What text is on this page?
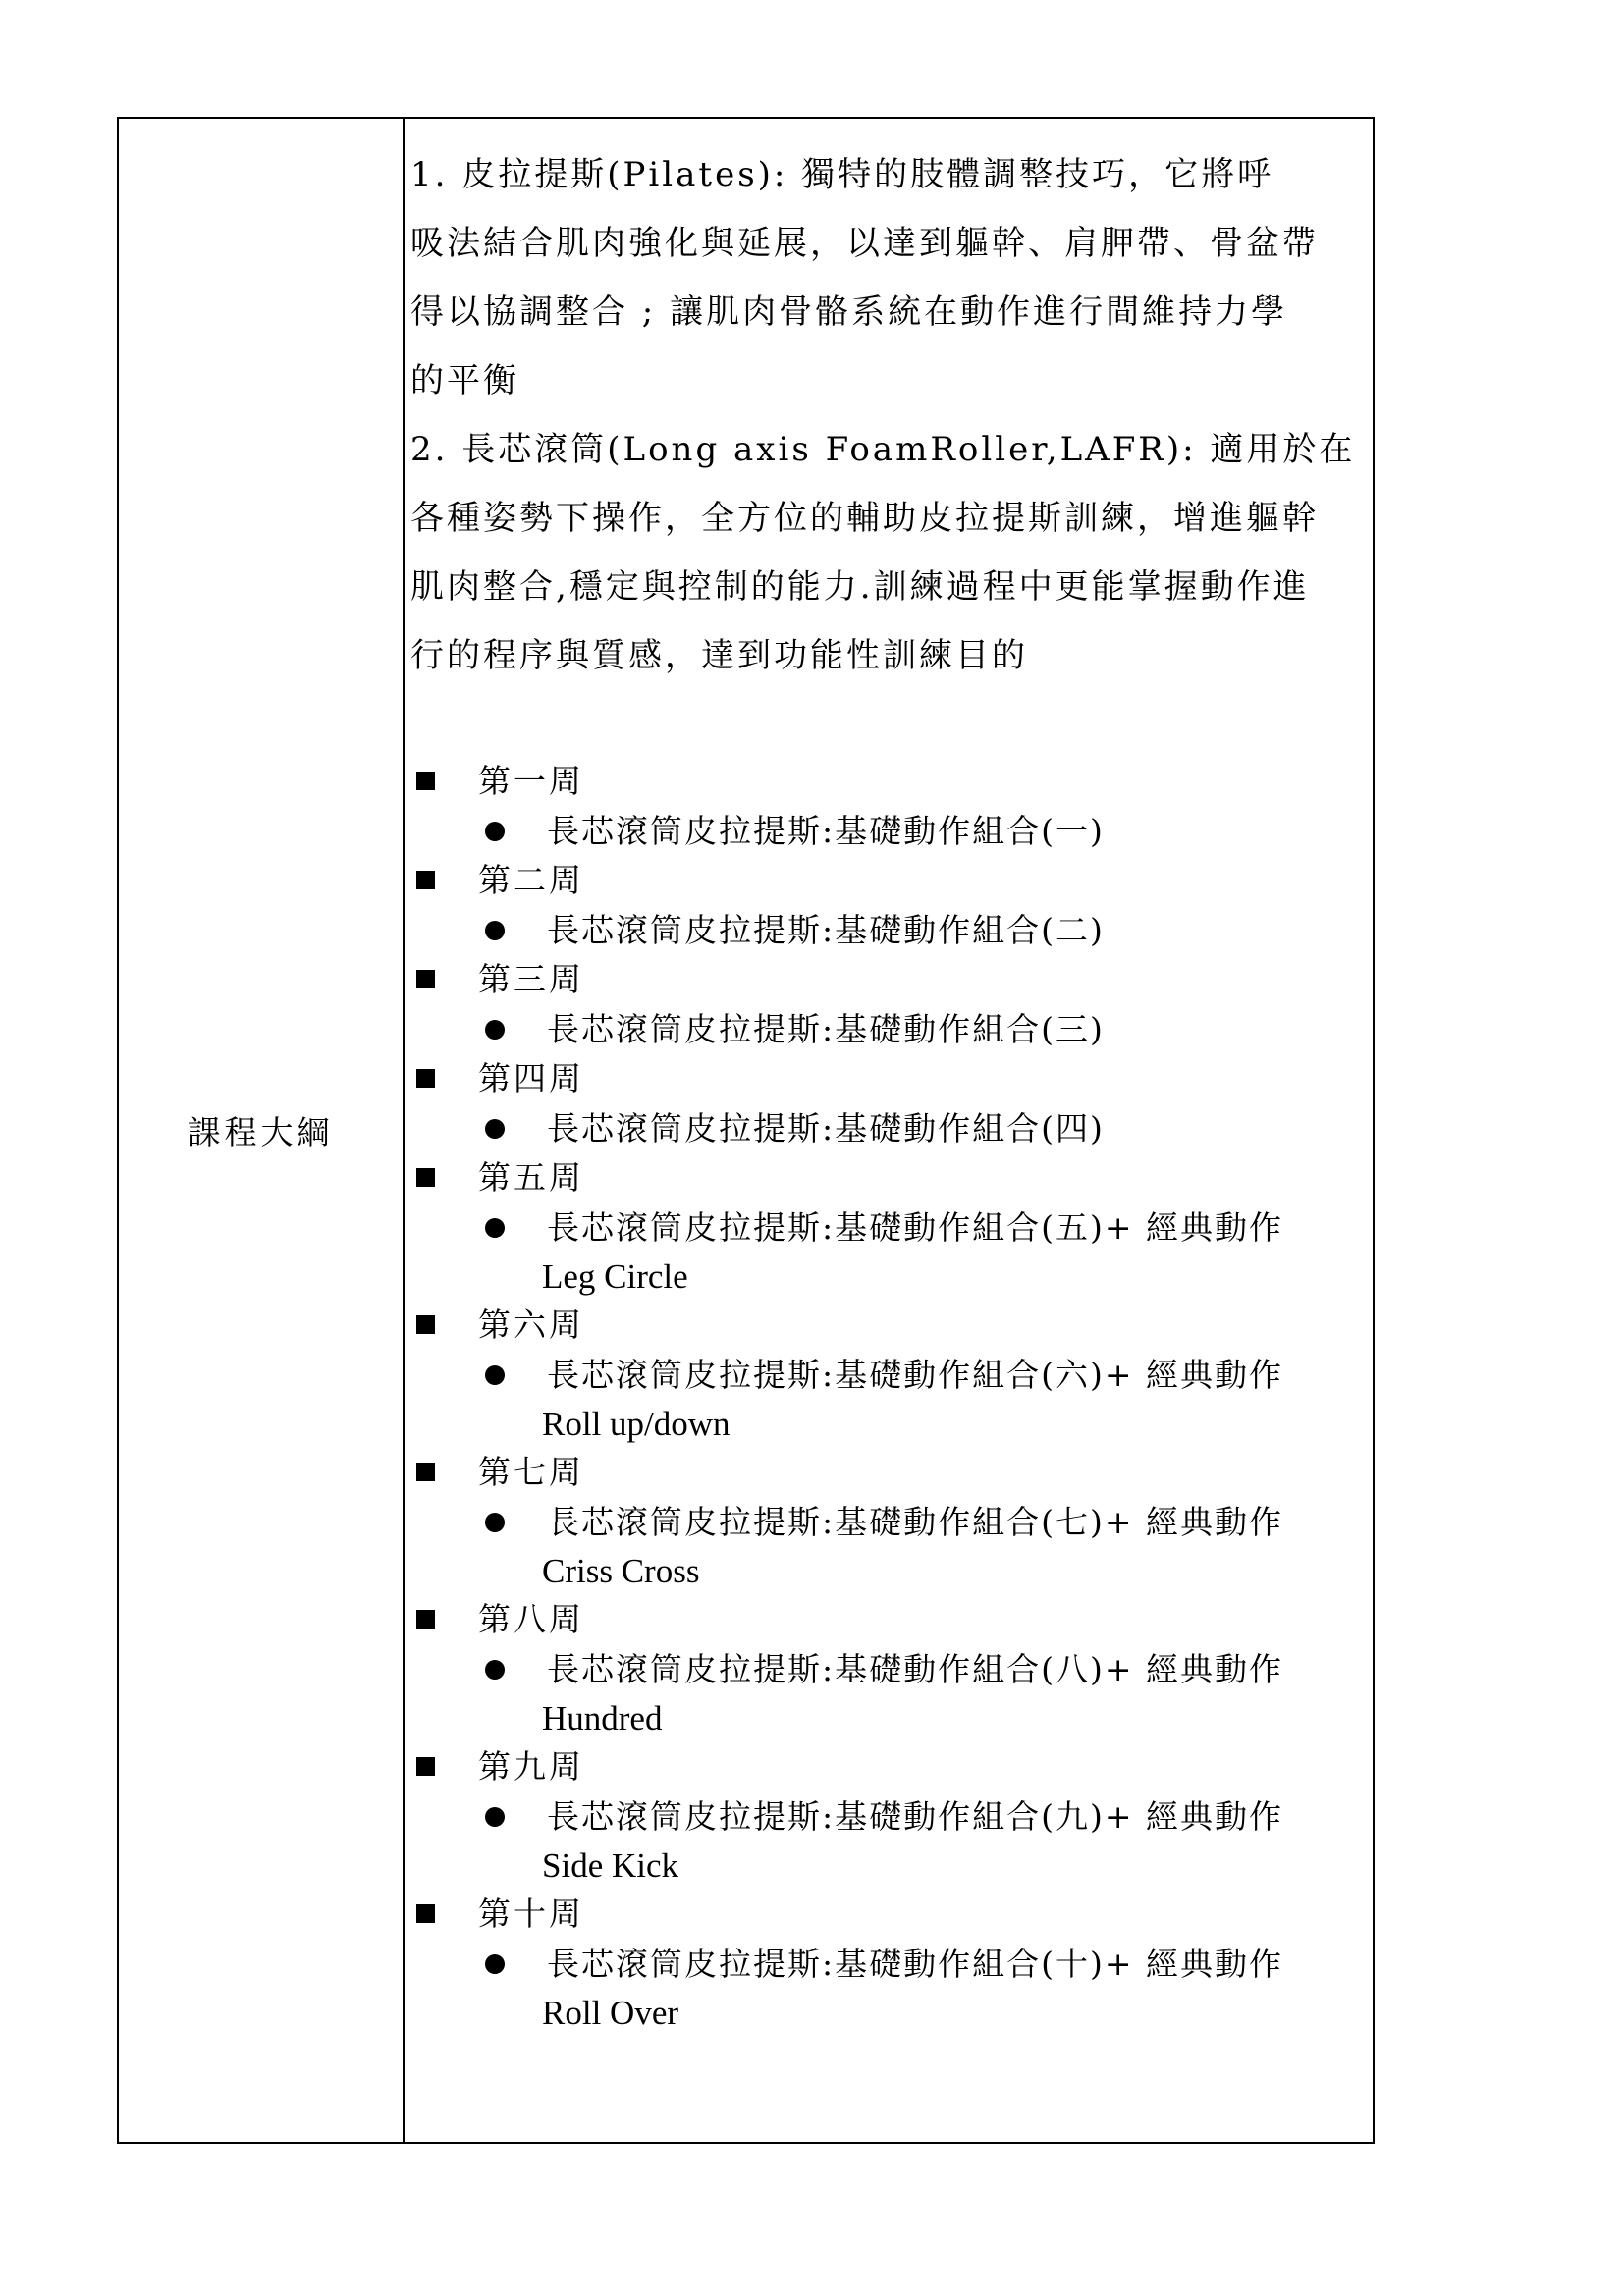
課程大綱

1. 皮拉提斯(Pilates): 獨特的肢體調整技巧，它將呼

吸法結合肌肉強化與延展，以達到軀幹、肩胛帶、骨盆帶

得以協調整合 ; 讓肌肉骨骼系統在動作進行間維持力學

的平衡

2. 長芯滾筒(Long axis FoamRoller,LAFR): 適用於在

各種姿勢下操作，全方位的輔助皮拉提斯訓練，增進軀幹

肌肉整合,穩定與控制的能力.訓練過程中更能掌握動作進

行的程序與質感，達到功能性訓練目的

第一周
長芯滾筒皮拉提斯:基礎動作組合(一)
第二周
長芯滾筒皮拉提斯:基礎動作組合(二)
第三周
長芯滾筒皮拉提斯:基礎動作組合(三)
第四周
長芯滾筒皮拉提斯:基礎動作組合(四)
第五周
長芯滾筒皮拉提斯:基礎動作組合(五)+ 經典動作
Leg Circle
第六周
長芯滾筒皮拉提斯:基礎動作組合(六)+ 經典動作
Roll up/down
第七周
長芯滾筒皮拉提斯:基礎動作組合(七)+ 經典動作
Criss Cross
第八周
長芯滾筒皮拉提斯:基礎動作組合(八)+ 經典動作
Hundred
第九周
長芯滾筒皮拉提斯:基礎動作組合(九)+ 經典動作
Side Kick
第十周
長芯滾筒皮拉提斯:基礎動作組合(十)+ 經典動作
Roll Over
